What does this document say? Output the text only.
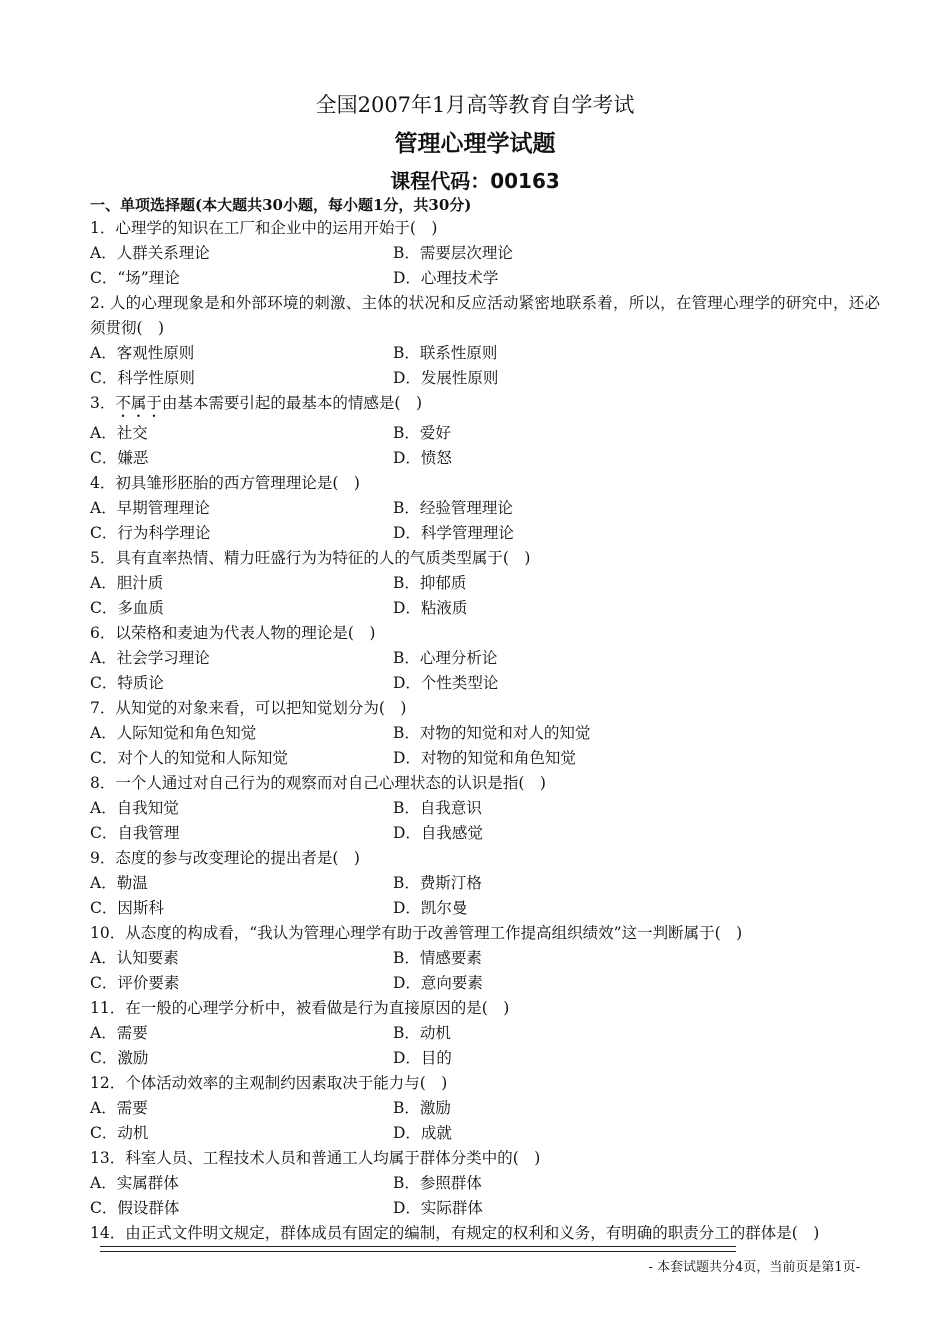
全国2007年1月高等教育自学考试
管理心理学试题
课程代码：00163
一、单项选择题(本大题共30小题，每小题1分，共30分)
1．心理学的知识在工厂和企业中的运用开始于(　)
A．人群关系理论	B．需要层次理论
C．“场”理论	D．心理技术学
2. 人的心理现象是和外部环境的刺激、主体的状况和反应活动紧密地联系着，所以，在管理心理学的研究中，还必须贯彻(　)
A．客观性原则	B．联系性原则
C．科学性原则	D．发展性原则
3．不属于由基本需要引起的最基本的情感是(　)
A．社交	B．爱好
C．嫌恶	D．愤怒
4．初具雏形胚胎的西方管理理论是(　)
A．早期管理理论	B．经验管理理论
C．行为科学理论	D．科学管理理论
5．具有直率热情、精力旺盛行为为特征的人的气质类型属于(　)
A．胆汁质	B．抑郁质
C．多血质	D．粘液质
6．以荣格和麦迪为代表人物的理论是(　)
A．社会学习理论	B．心理分析论
C．特质论	D．个性类型论
7．从知觉的对象来看，可以把知觉划分为(　)
A．人际知觉和角色知觉	B．对物的知觉和对人的知觉
C．对个人的知觉和人际知觉	D．对物的知觉和角色知觉
8．一个人通过对自己行为的观察而对自己心理状态的认识是指(　)
A．自我知觉	B．自我意识
C．自我管理	D．自我感觉
9．态度的参与改变理论的提出者是(　)
A．勒温	B．费斯汀格
C．因斯科	D．凯尔曼
10．从态度的构成看，“我认为管理心理学有助于改善管理工作提高组织绩效”这一判断属于(　)
A．认知要素	B．情感要素
C．评价要素	D．意向要素
11．在一般的心理学分析中，被看做是行为直接原因的是(　)
A．需要	B．动机
C．激励	D．目的
12．个体活动效率的主观制约因素取决于能力与(　)
A．需要	B．激励
C．动机	D．成就
13．科室人员、工程技术人员和普通工人均属于群体分类中的(　)
A．实属群体	B．参照群体
C．假设群体	D．实际群体
14．由正式文件明文规定，群体成员有固定的编制，有规定的权利和义务，有明确的职责分工的群体是(　)
- 本套试题共分4页，当前页是第1页-
